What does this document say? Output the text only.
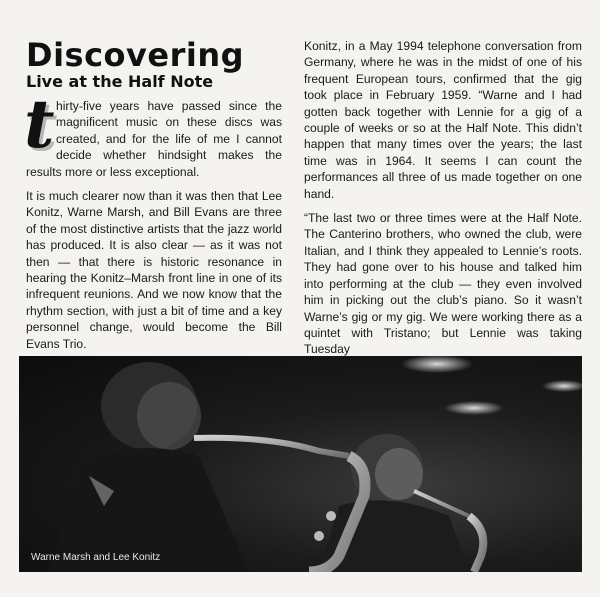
Discovering
Live at the Half Note
t hirty-five years have passed since the magnificent music on these discs was created, and for the life of me I cannot decide whether hindsight makes the results more or less exceptional.

It is much clearer now than it was then that Lee Konitz, Warne Marsh, and Bill Evans are three of the most distinctive artists that the jazz world has produced. It is also clear — as it was not then — that there is historic resonance in hearing the Konitz–Marsh front line in one of its infrequent reunions. And we now know that the rhythm section, with just a bit of time and a key personnel change, would become the Bill Evans Trio.

Konitz, in a May 1994 telephone conversation from Germany, where he was in the midst of one of his frequent European tours, confirmed that the gig took place in February 1959. “Warne and I had gotten back together with Lennie for a gig of a couple of weeks or so at the Half Note. This didn’t happen that many times over the years; the last time was in 1964. It seems I can count the performances all three of us made together on one hand.

“The last two or three times were at the Half Note. The Canterino brothers, who owned the club, were Italian, and I think they appealed to Lennie’s roots. They had gone over to his house and talked him into performing at the club — they even involved him in picking out the club’s piano. So it wasn’t Warne’s gig or my gig. We were working there as a quintet with Tristano; but Lennie was taking Tuesday

Warne Marsh and Lee Konitz
